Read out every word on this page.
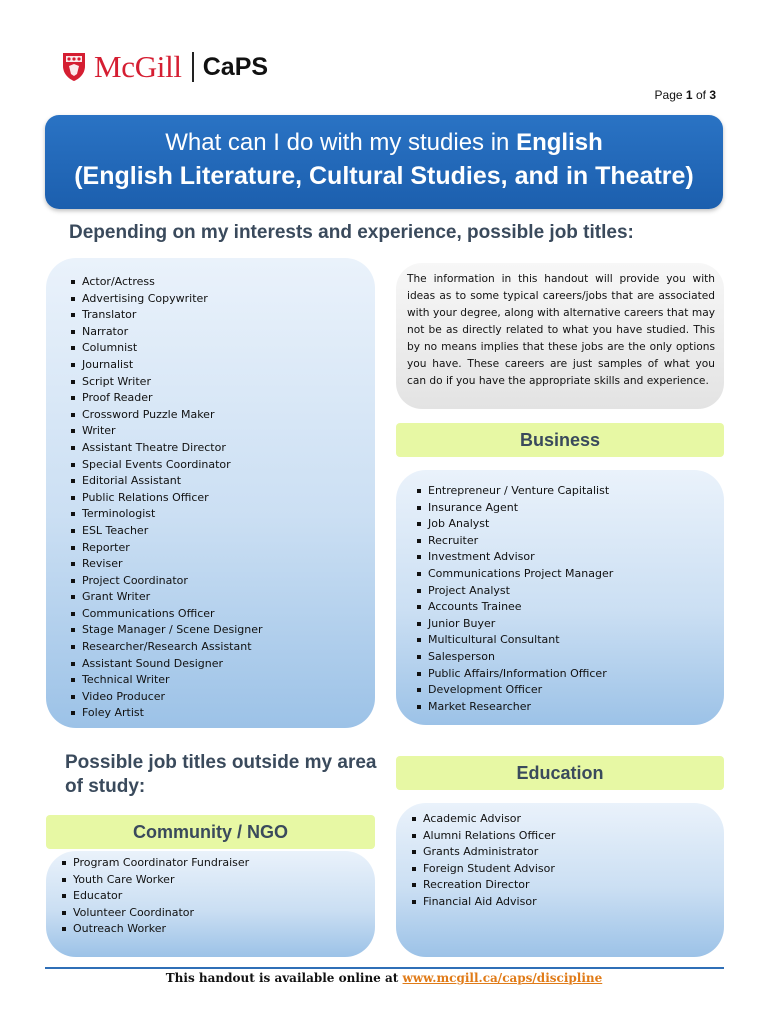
McGill CaPS
Page 1 of 3
What can I do with my studies in English
(English Literature, Cultural Studies, and in Theatre)
Depending on my interests and experience, possible job titles:
Actor/Actress
Advertising Copywriter
Translator
Narrator
Columnist
Journalist
Script Writer
Proof Reader
Crossword Puzzle Maker
Writer
Assistant Theatre Director
Special Events Coordinator
Editorial Assistant
Public Relations Officer
Terminologist
ESL Teacher
Reporter
Reviser
Project Coordinator
Grant Writer
Communications Officer
Stage Manager / Scene Designer
Researcher/Research Assistant
Assistant Sound Designer
Technical Writer
Video Producer
Foley Artist

The information in this handout will provide you with ideas as to some typical careers/jobs that are associated with your degree, along with alternative careers that may not be as directly related to what you have studied. This by no means implies that these jobs are the only options you have. These careers are just samples of what you can do if you have the appropriate skills and experience.

Business
Entrepreneur / Venture Capitalist
Insurance Agent
Job Analyst
Recruiter
Investment Advisor
Communications Project Manager
Project Analyst
Accounts Trainee
Junior Buyer
Multicultural Consultant
Salesperson
Public Affairs/Information Officer
Development Officer
Market Researcher
Education
Academic Advisor
Alumni Relations Officer
Grants Administrator
Foreign Student Advisor
Recreation Director
Financial Aid Advisor
Possible job titles outside my area of study:
Community / NGO
Program Coordinator Fundraiser
Youth Care Worker
Educator
Volunteer Coordinator
Outreach Worker
This handout is available online at www.mcgill.ca/caps/discipline
